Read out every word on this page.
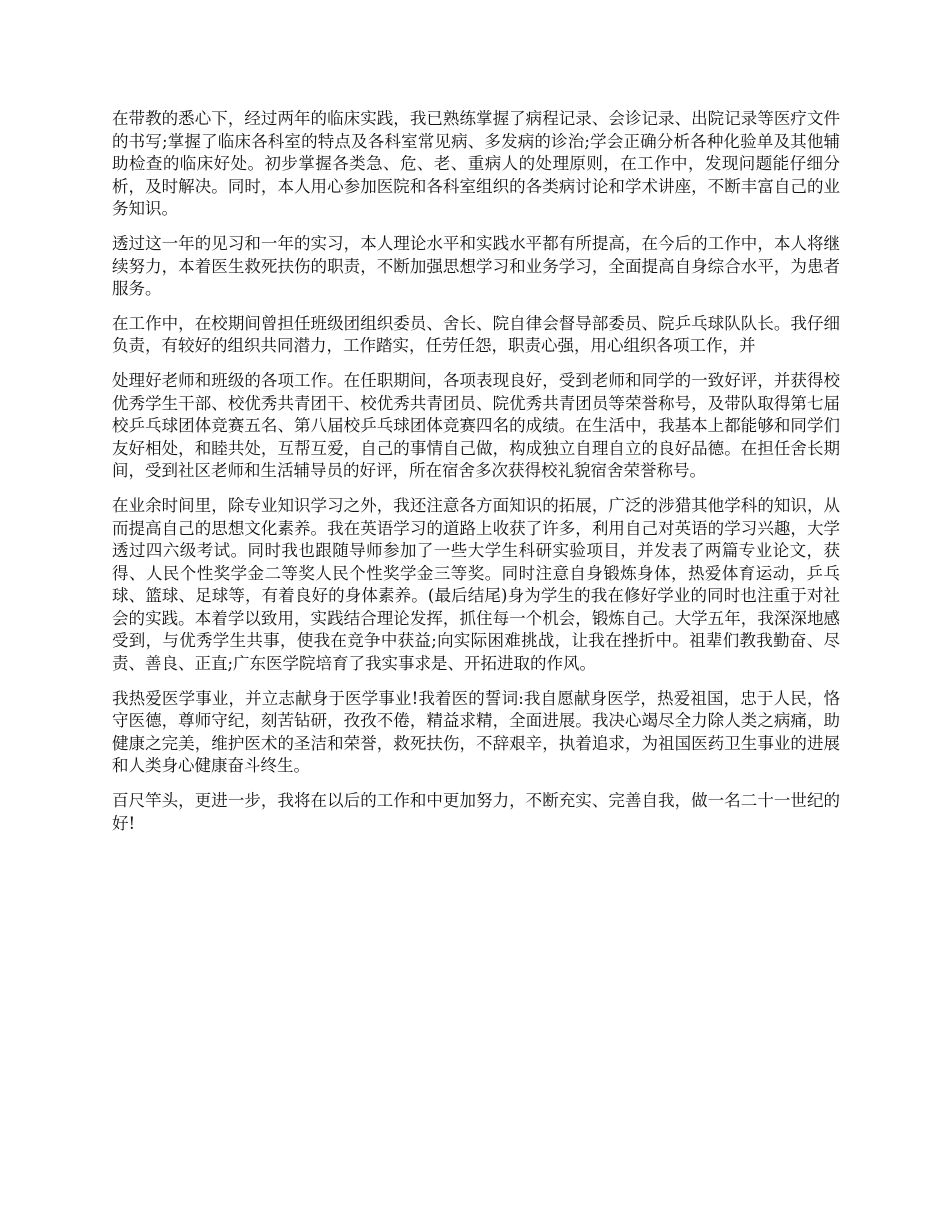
在带教的悉心下，经过两年的临床实践，我已熟练掌握了病程记录、会诊记录、出院记录等医疗文件的书写;掌握了临床各科室的特点及各科室常见病、多发病的诊治;学会正确分析各种化验单及其他辅助检查的临床好处。初步掌握各类急、危、老、重病人的处理原则，在工作中，发现问题能仔细分析，及时解决。同时，本人用心参加医院和各科室组织的各类病讨论和学术讲座，不断丰富自己的业务知识。

透过这一年的见习和一年的实习，本人理论水平和实践水平都有所提高，在今后的工作中，本人将继续努力，本着医生救死扶伤的职责，不断加强思想学习和业务学习，全面提高自身综合水平，为患者服务。

在工作中，在校期间曾担任班级团组织委员、舍长、院自律会督导部委员、院乒乓球队队长。我仔细负责，有较好的组织共同潜力，工作踏实，任劳任怨，职责心强，用心组织各项工作，并

处理好老师和班级的各项工作。在任职期间，各项表现良好，受到老师和同学的一致好评，并获得校优秀学生干部、校优秀共青团干、校优秀共青团员、院优秀共青团员等荣誉称号，及带队取得第七届校乒乓球团体竞赛五名、第八届校乒乓球团体竞赛四名的成绩。在生活中，我基本上都能够和同学们友好相处，和睦共处，互帮互爱，自己的事情自己做，构成独立自理自立的良好品德。在担任舍长期间，受到社区老师和生活辅导员的好评，所在宿舍多次获得校礼貌宿舍荣誉称号。

在业余时间里，除专业知识学习之外，我还注意各方面知识的拓展，广泛的涉猎其他学科的知识，从而提高自己的思想文化素养。我在英语学习的道路上收获了许多，利用自己对英语的学习兴趣，大学透过四六级考试。同时我也跟随导师参加了一些大学生科研实验项目，并发表了两篇专业论文，获得、人民个性奖学金二等奖人民个性奖学金三等奖。同时注意自身锻炼身体，热爱体育运动，乒乓球、篮球、足球等，有着良好的身体素养。(最后结尾)身为学生的我在修好学业的同时也注重于对社会的实践。本着学以致用，实践结合理论发挥，抓住每一个机会，锻炼自己。大学五年，我深深地感受到，与优秀学生共事，使我在竞争中获益;向实际困难挑战，让我在挫折中。祖辈们教我勤奋、尽责、善良、正直;广东医学院培育了我实事求是、开拓进取的作风。

我热爱医学事业，并立志献身于医学事业!我着医的誓词:我自愿献身医学，热爱祖国，忠于人民，恪守医德，尊师守纪，刻苦钻研，孜孜不倦，精益求精，全面进展。我决心竭尽全力除人类之病痛，助健康之完美，维护医术的圣洁和荣誉，救死扶伤，不辞艰辛，执着追求，为祖国医药卫生事业的进展和人类身心健康奋斗终生。

百尺竿头，更进一步，我将在以后的工作和中更加努力，不断充实、完善自我，做一名二十一世纪的好!
